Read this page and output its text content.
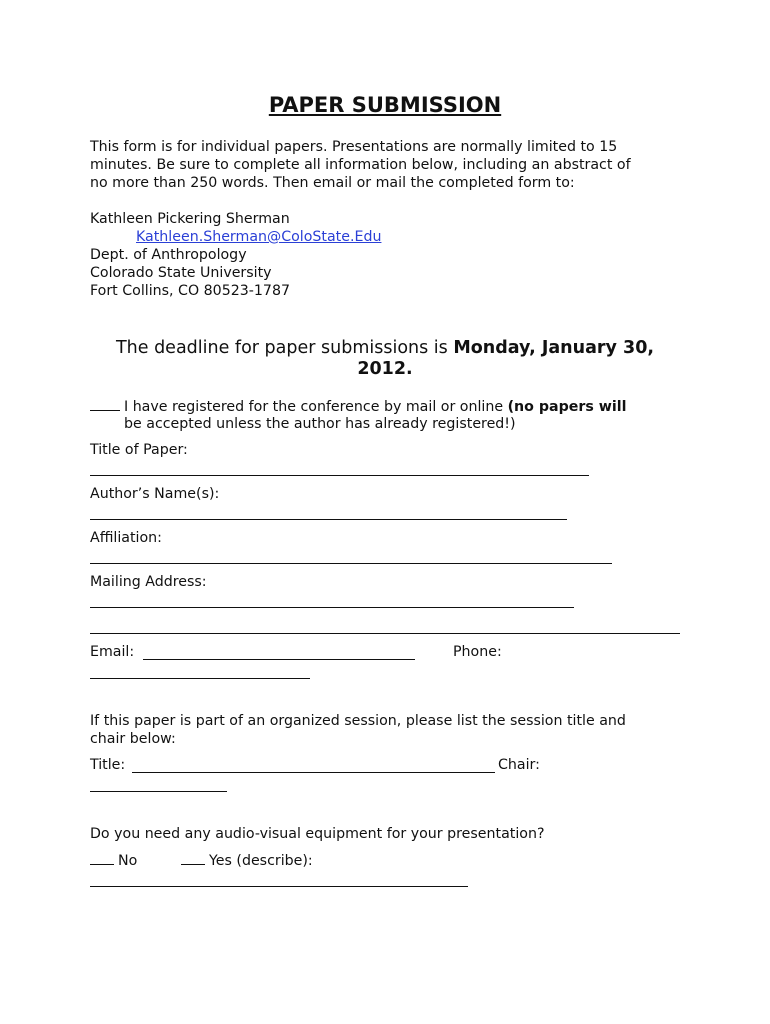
PAPER SUBMISSION
This form is for individual papers. Presentations are normally limited to 15
minutes. Be sure to complete all information below, including an abstract of
no more than 250 words. Then email or mail the completed form to:
Kathleen Pickering Sherman
Kathleen.Sherman@ColoState.Edu
Dept. of Anthropology
Colorado State University
Fort Collins, CO 80523-1787
The deadline for paper submissions is Monday, January 30,
2012.
I have registered for the conference by mail or online (no papers will
be accepted unless the author has already registered!)
Title of Paper:
Author’s Name(s):
Affiliation:
Mailing Address:
Email:	Phone:
If this paper is part of an organized session, please list the session title and
chair below:
Title:	Chair:
Do you need any audio-visual equipment for your presentation?
No	Yes (describe):
